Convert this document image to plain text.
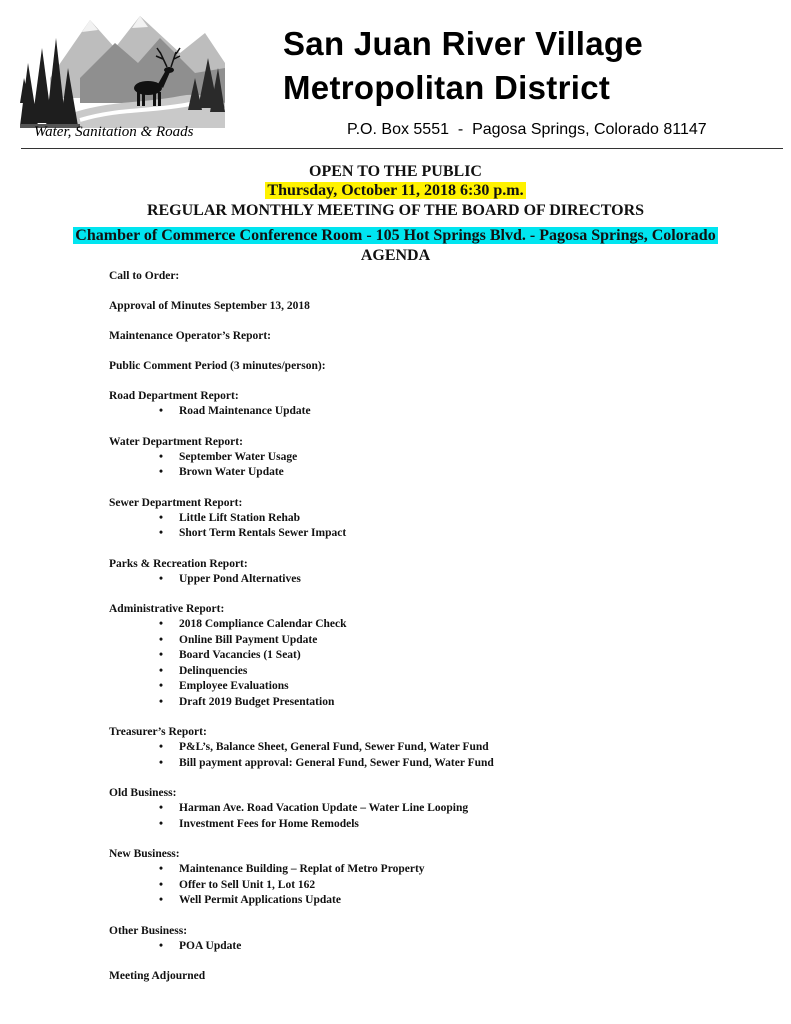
San Juan River Village
Metropolitan District
Water, Sanitation & Roads	P.O. Box 5551  -  Pagosa Springs, Colorado 81147
OPEN TO THE PUBLIC
Thursday, October 11, 2018 6:30 p.m.
REGULAR MONTHLY MEETING OF THE BOARD OF DIRECTORS
Chamber of Commerce Conference Room - 105 Hot Springs Blvd. - Pagosa Springs, Colorado
AGENDA
Call to Order:
Approval of Minutes September 13, 2018
Maintenance Operator’s Report:
Public Comment Period (3 minutes/person):
Road Department Report:
• Road Maintenance Update
Water Department Report:
• September Water Usage
• Brown Water Update
Sewer Department Report:
• Little Lift Station Rehab
• Short Term Rentals Sewer Impact
Parks & Recreation Report:
• Upper Pond Alternatives
Administrative Report:
• 2018 Compliance Calendar Check
• Online Bill Payment Update
• Board Vacancies (1 Seat)
• Delinquencies
• Employee Evaluations
• Draft 2019 Budget Presentation
Treasurer’s Report:
• P&L’s, Balance Sheet, General Fund, Sewer Fund, Water Fund
• Bill payment approval: General Fund, Sewer Fund, Water Fund
Old Business:
• Harman Ave. Road Vacation Update – Water Line Looping
• Investment Fees for Home Remodels
New Business:
• Maintenance Building – Replat of Metro Property
• Offer to Sell Unit 1, Lot 162
• Well Permit Applications Update
Other Business:
• POA Update
Meeting Adjourned
